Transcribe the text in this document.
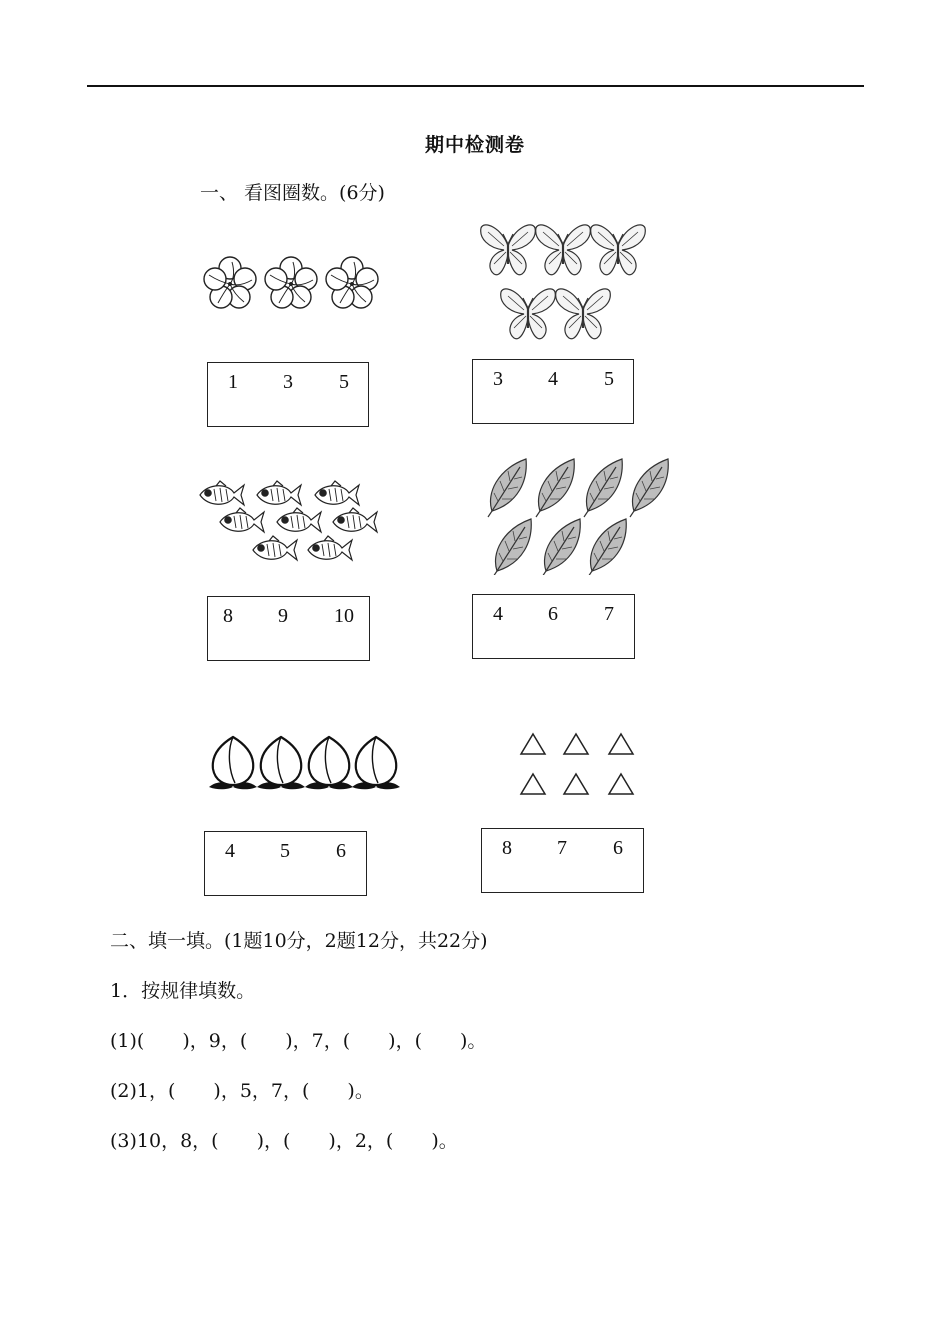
期中检测卷
一、 看图圈数。(6分)
1 3 5	3 4 5
8 9 10	4 6 7
4 5 6	8 7 6
二、填一填。(1题10分，2题12分，共22分)
1．按规律填数。
(1)(　　)，9，(　　)，7，(　　)，(　　)。
(2)1，(　　)，5，7，(　　)。
(3)10，8，(　　)，(　　)，2，(　　)。
